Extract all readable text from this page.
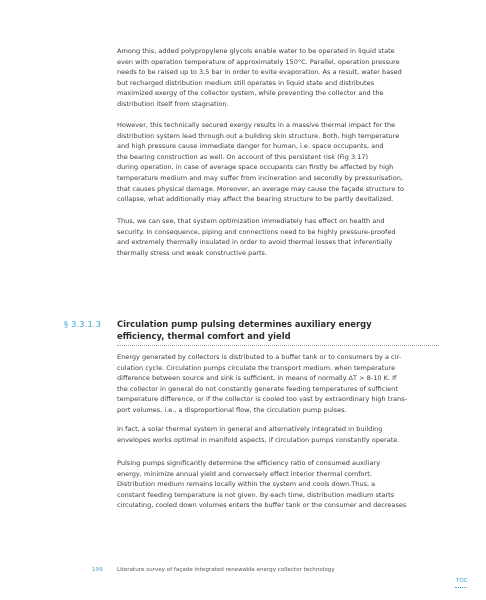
Among this, added polypropylene glycols enable water to be operated in liquid state
even with operation temperature of approximately 150°C. Parallel, operation pressure
needs to be raised up to 3,5 bar in order to evite evaporation. As a result, water based
but recharged distribution medium still operates in liquid state and distributes
maximized exergy of the collector system, while preventing the collector and the
distribution itself from stagnation.
However, this technically secured exergy results in a massive thermal impact for the
distribution system lead through out a building skin structure. Both, high temperature
and high pressure cause immediate danger for human, i.e. space occupants, and
the bearing construction as well. On account of this persistent risk (Fig 3.17)
during operation, in case of average space occupants can firstly be affected by high
temperature medium and may suffer from incineration and secondly by pressurisation,
that causes physical damage. Moreover, an average may cause the façade structure to
collapse, what additionally may affect the bearing structure to be partly devitalized.
Thus, we can see, that system optimization immediately has effect on health and
security. In consequence, piping and connections need to be highly pressure-proofed
and extremely thermally insulated in order to avoid thermal losses that inferentially
thermally stress und weak constructive parts.
§ 3.3.1.3 Circulation pump pulsing determines auxiliary energy
efficiency, thermal comfort and yield
Energy generated by collectors is distributed to a buffer tank or to consumers by a cir-
culation cycle. Circulation pumps circulate the transport medium, when temperature
difference between source and sink is sufficient, in means of normally ΔT > 8-10 K. If
the collector in general do not constantly generate feeding temperatures of sufficient
temperature difference, or if the collector is cooled too vast by extraordinary high trans-
port volumes, i.e., a disproportional flow, the circulation pump pulses.
In fact, a solar thermal system in general and alternatively integrated in building
envelopes works optimal in manifold aspects, if circulation pumps constantly operate.
Pulsing pumps significantly determine the efficiency ratio of consumed auxiliary
energy, minimize annual yield and conversely effect interior thermal comfort.
Distribution medium remains locally within the system and cools down.Thus, a
constant feeding temperature is not given. By each time, distribution medium starts
circulating, cooled down volumes enters the buffer tank or the consumer and decreases
199	Literature survey of façade integrated renewable energy collector technology
TOC
